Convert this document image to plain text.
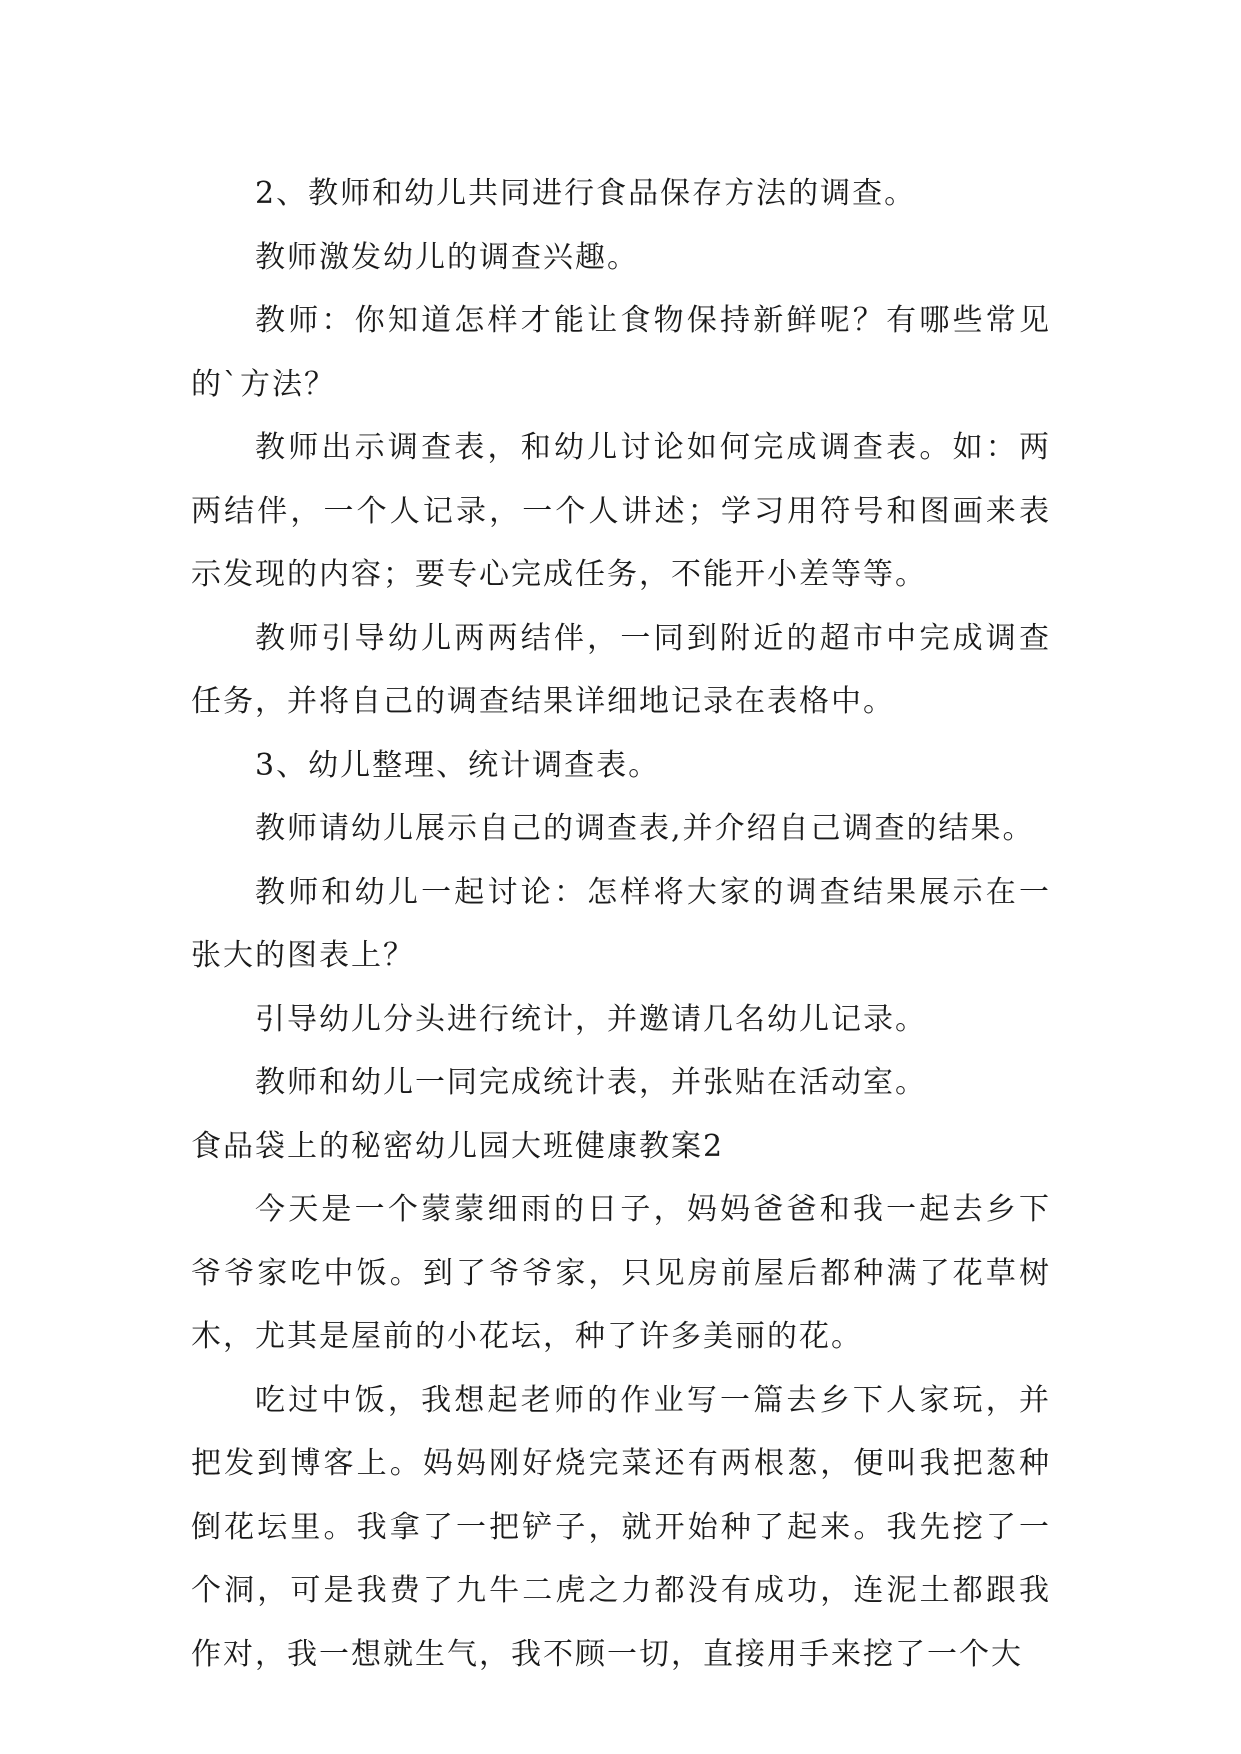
2、教师和幼儿共同进行食品保存方法的调查。

教师激发幼儿的调查兴趣。

教师：你知道怎样才能让食物保持新鲜呢？有哪些常见的`方法？

教师出示调查表，和幼儿讨论如何完成调查表。如：两两结伴，一个人记录，一个人讲述；学习用符号和图画来表示发现的内容；要专心完成任务，不能开小差等等。

教师引导幼儿两两结伴，一同到附近的超市中完成调查任务，并将自己的调查结果详细地记录在表格中。

3、幼儿整理、统计调查表。

教师请幼儿展示自己的调查表,并介绍自己调查的结果。

教师和幼儿一起讨论：怎样将大家的调查结果展示在一张大的图表上？

引导幼儿分头进行统计，并邀请几名幼儿记录。

教师和幼儿一同完成统计表，并张贴在活动室。

食品袋上的秘密幼儿园大班健康教案2

今天是一个蒙蒙细雨的日子，妈妈爸爸和我一起去乡下爷爷家吃中饭。到了爷爷家，只见房前屋后都种满了花草树木，尤其是屋前的小花坛，种了许多美丽的花。

吃过中饭，我想起老师的作业写一篇去乡下人家玩，并把发到博客上。妈妈刚好烧完菜还有两根葱，便叫我把葱种倒花坛里。我拿了一把铲子，就开始种了起来。我先挖了一个洞，可是我费了九牛二虎之力都没有成功，连泥土都跟我作对，我一想就生气，我不顾一切，直接用手来挖了一个大
